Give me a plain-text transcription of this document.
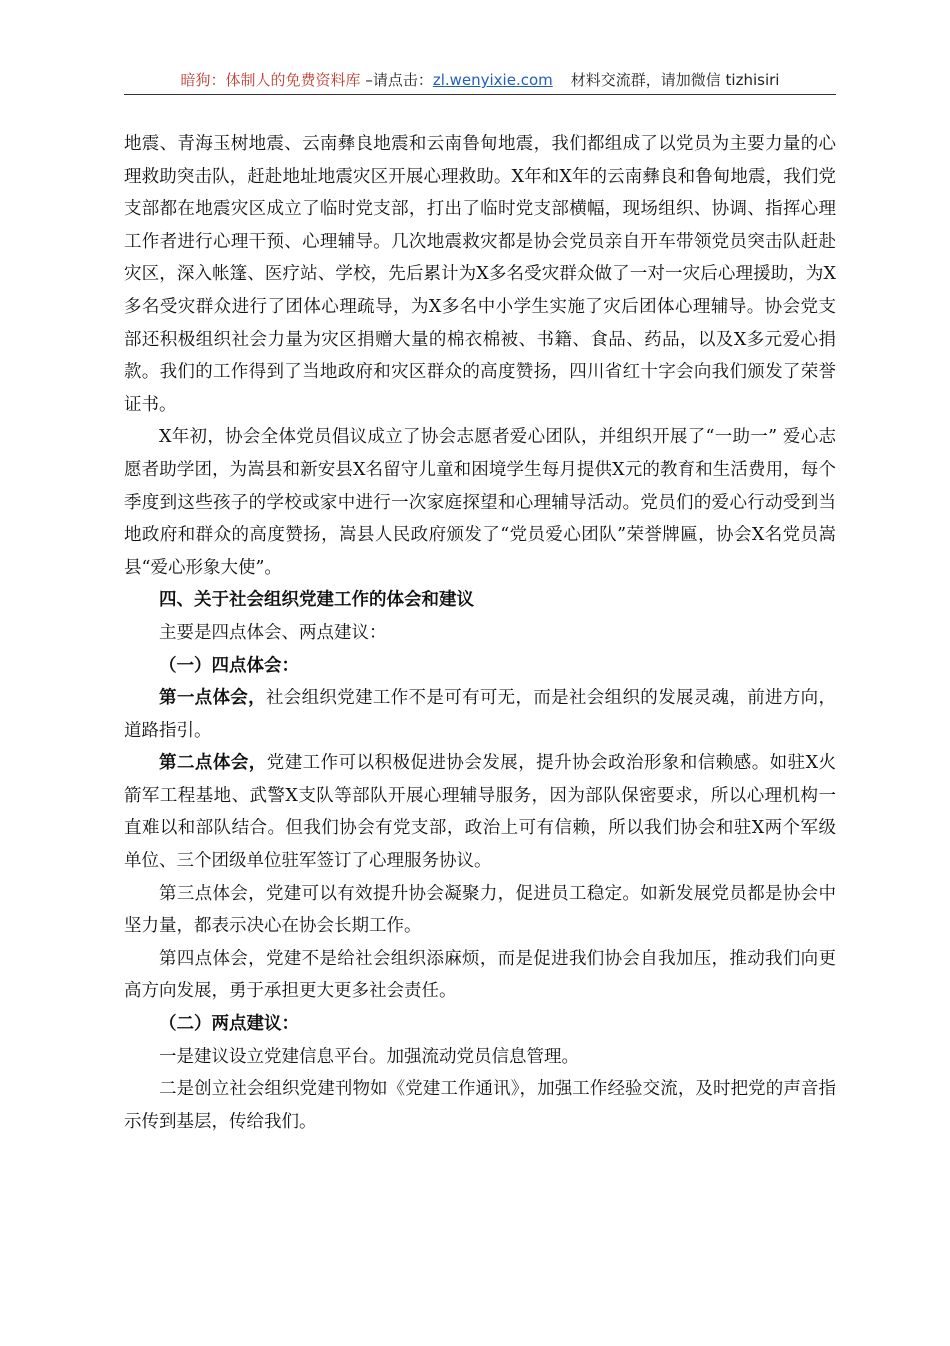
暗狗：体制人的免费资料库 –请点击：zl.wenyixie.com 材料交流群，请加微信 tizhisiri

地震、青海玉树地震、云南彝良地震和云南鲁甸地震，我们都组成了以党员为主要力量的心理救助突击队，赶赴地址地震灾区开展心理救助。X年和X年的云南彝良和鲁甸地震，我们党支部都在地震灾区成立了临时党支部，打出了临时党支部横幅，现场组织、协调、指挥心理工作者进行心理干预、心理辅导。几次地震救灾都是协会党员亲自开车带领党员突击队赶赴灾区，深入帐篷、医疗站、学校，先后累计为X多名受灾群众做了一对一灾后心理援助，为X多名受灾群众进行了团体心理疏导，为X多名中小学生实施了灾后团体心理辅导。协会党支部还积极组织社会力量为灾区捐赠大量的棉衣棉被、书籍、食品、药品，以及X多元爱心捐款。我们的工作得到了当地政府和灾区群众的高度赞扬，四川省红十字会向我们颁发了荣誉证书。

X年初，协会全体党员倡议成立了协会志愿者爱心团队，并组织开展了“一助一” 爱心志愿者助学团，为嵩县和新安县X名留守儿童和困境学生每月提供X元的教育和生活费用，每个季度到这些孩子的学校或家中进行一次家庭探望和心理辅导活动。党员们的爱心行动受到当地政府和群众的高度赞扬，嵩县人民政府颁发了“党员爱心团队”荣誉牌匾，协会X名党员嵩县“爱心形象大使”。

四、关于社会组织党建工作的体会和建议

主要是四点体会、两点建议：

（一）四点体会：

第一点体会，社会组织党建工作不是可有可无，而是社会组织的发展灵魂，前进方向，道路指引。

第二点体会，党建工作可以积极促进协会发展，提升协会政治形象和信赖感。如驻X火箭军工程基地、武警X支队等部队开展心理辅导服务，因为部队保密要求，所以心理机构一直难以和部队结合。但我们协会有党支部，政治上可有信赖，所以我们协会和驻X两个军级单位、三个团级单位驻军签订了心理服务协议。

第三点体会，党建可以有效提升协会凝聚力，促进员工稳定。如新发展党员都是协会中坚力量，都表示决心在协会长期工作。

第四点体会，党建不是给社会组织添麻烦，而是促进我们协会自我加压，推动我们向更高方向发展，勇于承担更大更多社会责任。

（二）两点建议：

一是建议设立党建信息平台。加强流动党员信息管理。

二是创立社会组织党建刊物如《党建工作通讯》，加强工作经验交流，及时把党的声音指示传到基层，传给我们。
